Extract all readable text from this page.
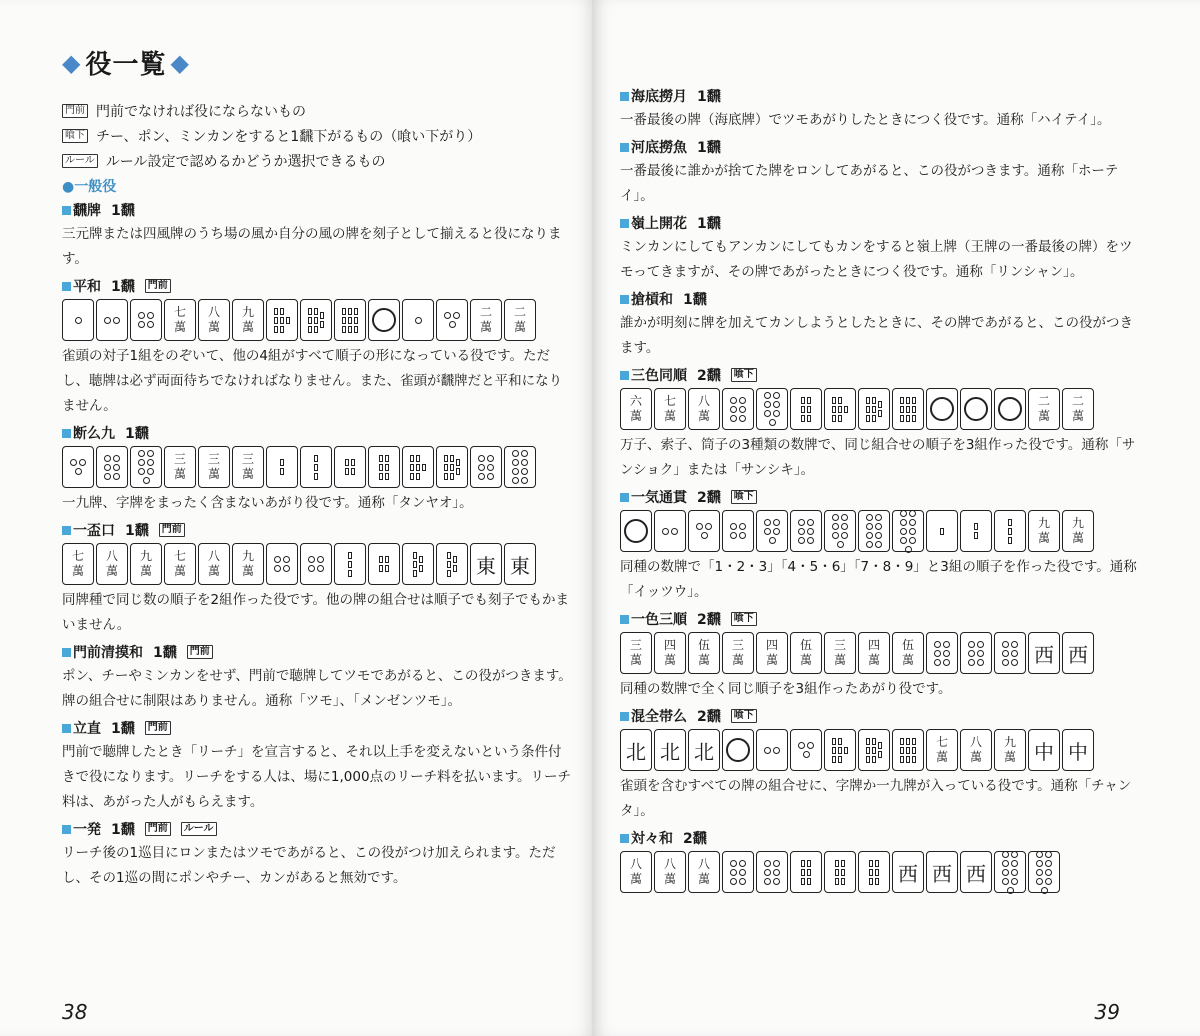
◆ 役一覧 ◆
門前 門前でなければ役にならないもの
喰下 チー、ポン、ミンカンをすると1飜下がるもの（喰い下がり）
ルール ルール設定で認めるかどうか選択できるもの
●一般役
飜牌 1飜
三元牌または四風牌のうち場の風か自分の風の牌を刻子として揃えると役になります。
平和 1飜	門前
七
萬
八
萬
九
萬
二
萬
二
萬
雀頭の対子1組をのぞいて、他の4組がすべて順子の形になっている役です。ただし、聴牌は必ず両面待ちでなければなりません。また、雀頭が飜牌だと平和になりません。
断么九 1飜
三
萬
三
萬
三
萬
一九牌、字牌をまったく含まないあがり役です。通称「タンヤオ」。
一盃口 1飜	門前
七
萬
八
萬
九
萬
七
萬
八
萬
九
萬	東 東
同牌種で同じ数の順子を2組作った役です。他の牌の組合せは順子でも刻子でもかまいません。
門前清摸和 1飜	門前
ポン、チーやミンカンをせず、門前で聴牌してツモであがると、この役がつきます。牌の組合せに制限はありません。通称「ツモ」、「メンゼンツモ」。
立直 1飜	門前
門前で聴牌したとき「リーチ」を宣言すると、それ以上手を変えないという条件付きで役になります。リーチをする人は、場に1,000点のリーチ料を払います。リーチ料は、あがった人がもらえます。
一発 1飜	門前	ルール
リーチ後の1巡目にロンまたはツモであがると、この役がつけ加えられます。ただし、その1巡の間にポンやチー、カンがあると無効です。
38
海底撈月 1飜
一番最後の牌（海底牌）でツモあがりしたときにつく役です。通称「ハイテイ」。
河底撈魚 1飜
一番最後に誰かが捨てた牌をロンしてあがると、この役がつきます。通称「ホーテイ」。
嶺上開花 1飜
ミンカンにしてもアンカンにしてもカンをすると嶺上牌（王牌の一番最後の牌）をツモってきますが、その牌であがったときにつく役です。通称「リンシャン」。
搶槓和 1飜
誰かが明刻に牌を加えてカンしようとしたときに、その牌であがると、この役がつきます。
三色同順 2飜	喰下
六
萬
七
萬
八
萬
二
萬
二
萬
万子、索子、筒子の3種類の数牌で、同じ組合せの順子を3組作った役です。通称「サンショク」または「サンシキ」。
一気通貫 2飜	喰下
九
萬
九
萬
同種の数牌で「1・2・3」「4・5・6」「7・8・9」と3組の順子を作った役です。通称「イッツウ」。
一色三順 2飜	喰下
三
萬
四
萬
伍
萬
三
萬
四
萬
伍
萬
三
萬
四
萬
伍
萬	西 西
同種の数牌で全く同じ順子を3組作ったあがり役です。
混全帯么 2飜	喰下
北 北 北	七
萬
八
萬
九
萬 中 中
雀頭を含むすべての牌の組合せに、字牌か一九牌が入っている役です。通称「チャンタ」。
対々和 2飜
八
萬
八
萬
八
萬	西 西 西
39
